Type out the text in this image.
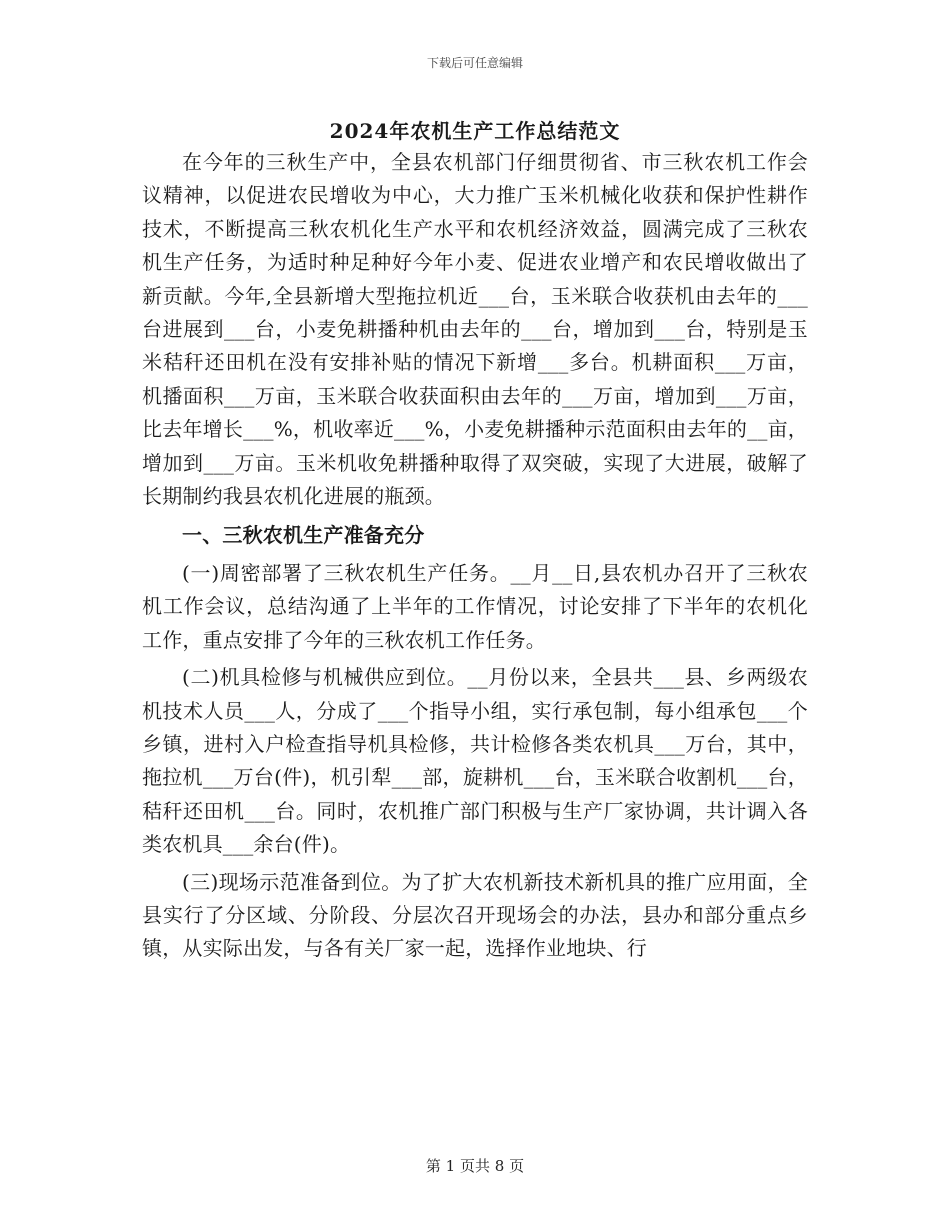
下载后可任意编辑
2024年农机生产工作总结范文

在今年的三秋生产中，全县农机部门仔细贯彻省、市三秋农机工作会议精神，以促进农民增收为中心，大力推广玉米机械化收获和保护性耕作技术，不断提高三秋农机化生产水平和农机经济效益，圆满完成了三秋农机生产任务，为适时种足种好今年小麦、促进农业增产和农民增收做出了新贡献。今年,全县新增大型拖拉机近___台，玉米联合收获机由去年的___台进展到___台，小麦免耕播种机由去年的___台，增加到___台，特别是玉米秸秆还田机在没有安排补贴的情况下新增___多台。机耕面积___万亩，机播面积___万亩，玉米联合收获面积由去年的___万亩，增加到___万亩，比去年增长___%，机收率近___%，小麦免耕播种示范面积由去年的__亩，增加到___万亩。玉米机收免耕播种取得了双突破，实现了大进展，破解了长期制约我县农机化进展的瓶颈。

一、三秋农机生产准备充分

(一)周密部署了三秋农机生产任务。__月__日,县农机办召开了三秋农机工作会议，总结沟通了上半年的工作情况，讨论安排了下半年的农机化工作，重点安排了今年的三秋农机工作任务。

(二)机具检修与机械供应到位。__月份以来，全县共___县、乡两级农机技术人员___人，分成了___个指导小组，实行承包制，每小组承包___个乡镇，进村入户检查指导机具检修，共计检修各类农机具___万台，其中，拖拉机___万台(件)，机引犁___部，旋耕机___台，玉米联合收割机___台，秸秆还田机___台。同时，农机推广部门积极与生产厂家协调，共计调入各类农机具___余台(件)。

(三)现场示范准备到位。为了扩大农机新技术新机具的推广应用面，全县实行了分区域、分阶段、分层次召开现场会的办法，县办和部分重点乡镇，从实际出发，与各有关厂家一起，选择作业地块、行

第 1 页共 8 页
